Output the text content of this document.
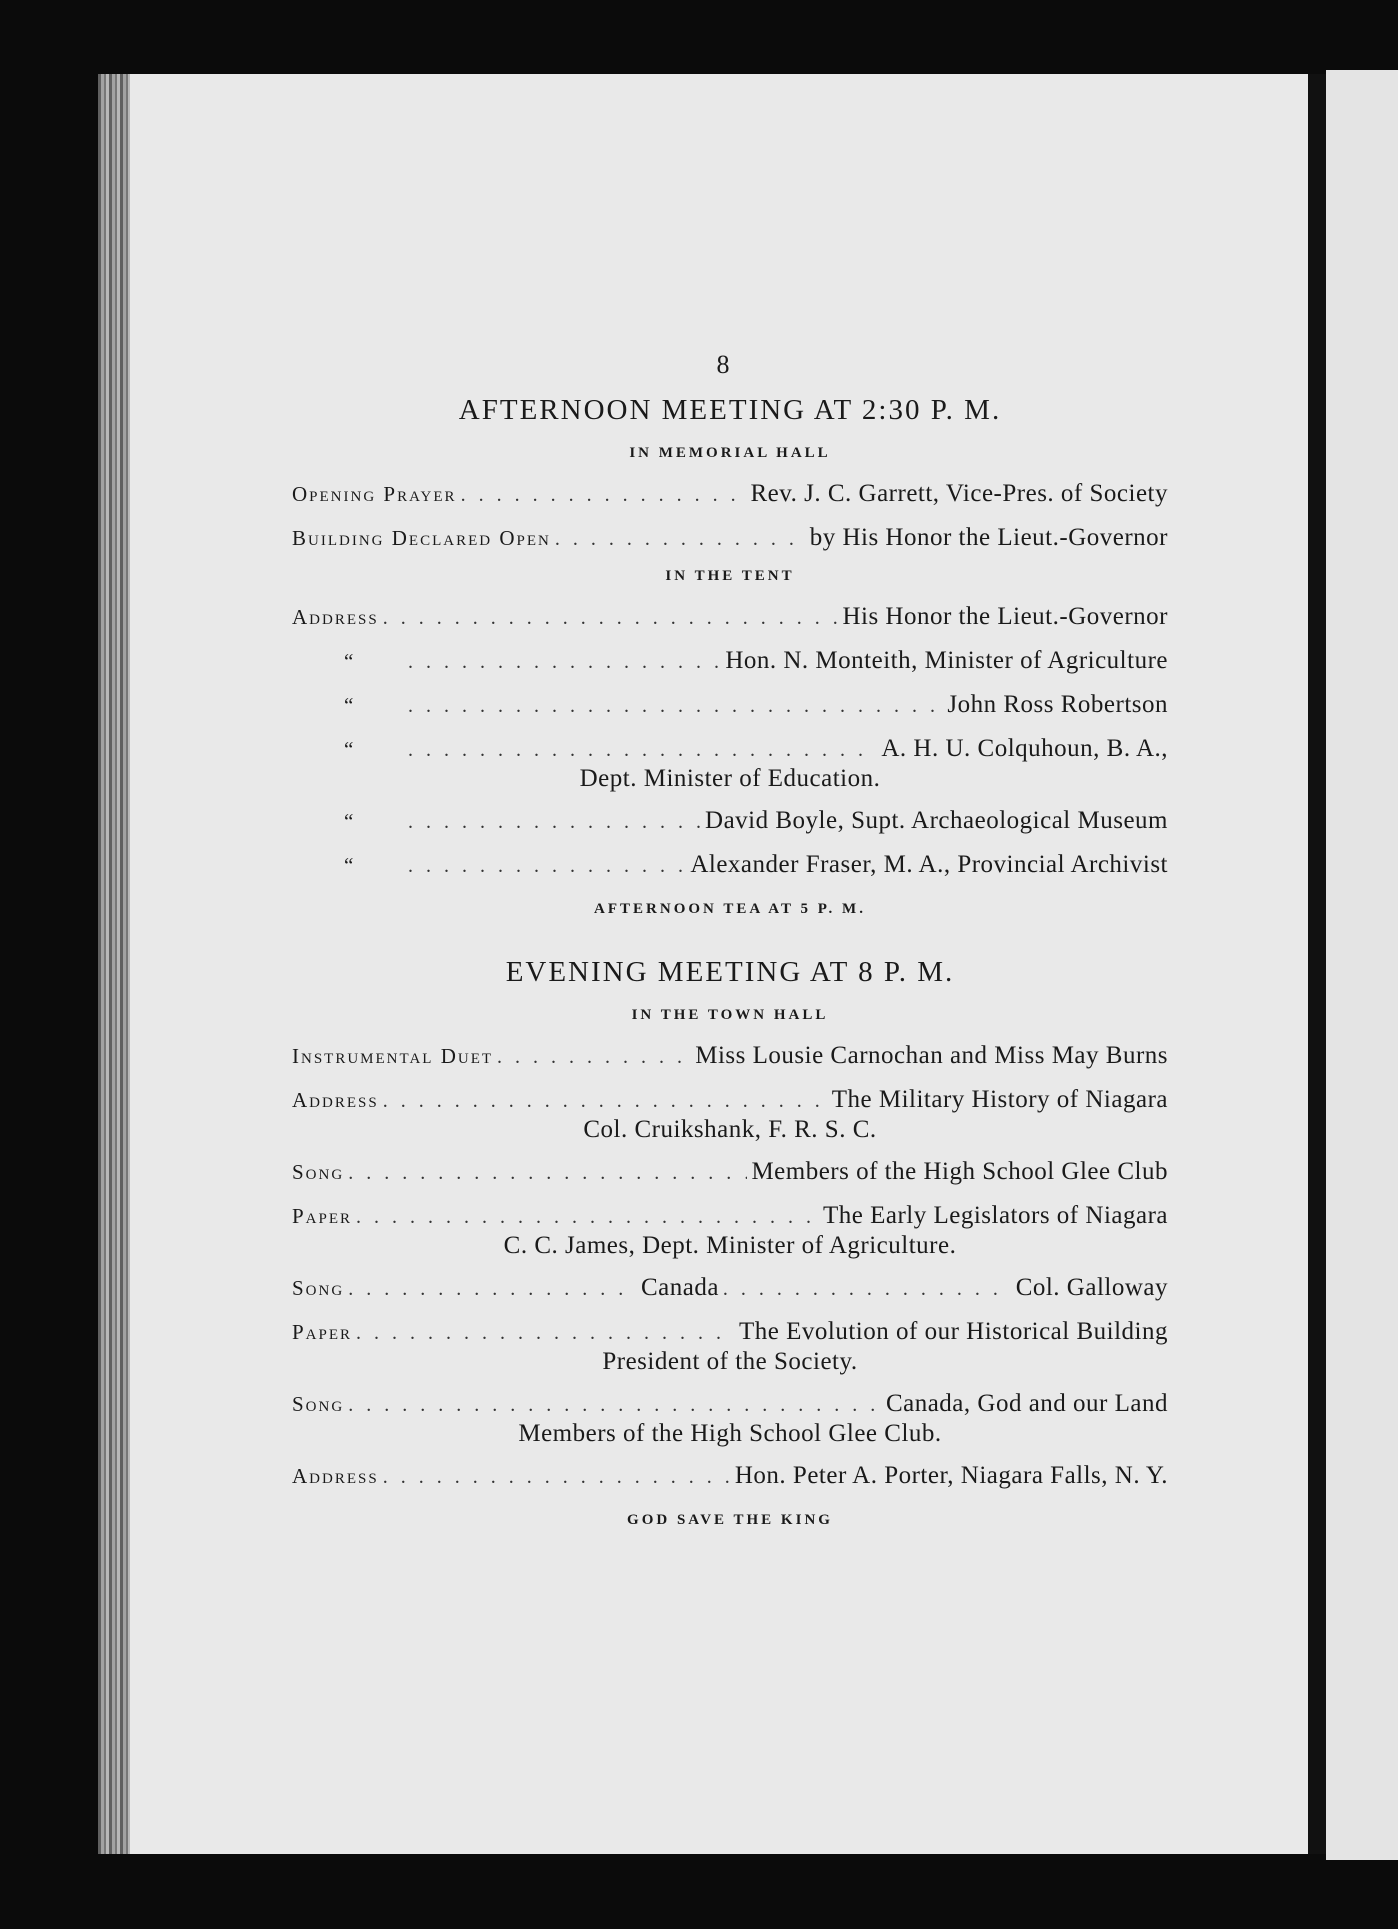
8
AFTERNOON MEETING AT 2:30 P. M.
IN MEMORIAL HALL
Opening Prayer . . .	Rev. J. C. Garrett, Vice-Pres. of Society
Building Declared Open . . .	by His Honor the Lieut.-Governor
IN THE TENT
Address . . .	His Honor the Lieut.-Governor
“ . . .	Hon. N. Monteith, Minister of Agriculture
“ . . .	John Ross Robertson
“ . . .	A. H. U. Colquhoun, B. A.,
Dept. Minister of Education.
“ . . .	David Boyle, Supt. Archaeological Museum
“ . . .	Alexander Fraser, M. A., Provincial Archivist
AFTERNOON TEA AT 5 P. M.
EVENING MEETING AT 8 P. M.
IN THE TOWN HALL
Instrumental Duet . . .	Miss Lousie Carnochan and Miss May Burns
Address . . .	The Military History of Niagara
Col. Cruikshank, F. R. S. C.
Song . . .	Members of the High School Glee Club
Paper . . .	The Early Legislators of Niagara
C. C. James, Dept. Minister of Agriculture.
Song . . .	Canada . . .	Col. Galloway
Paper . . .	The Evolution of our Historical Building
President of the Society.
Song . . .	Canada, God and our Land
Members of the High School Glee Club.
Address . . .	Hon. Peter A. Porter, Niagara Falls, N. Y.
GOD SAVE THE KING
